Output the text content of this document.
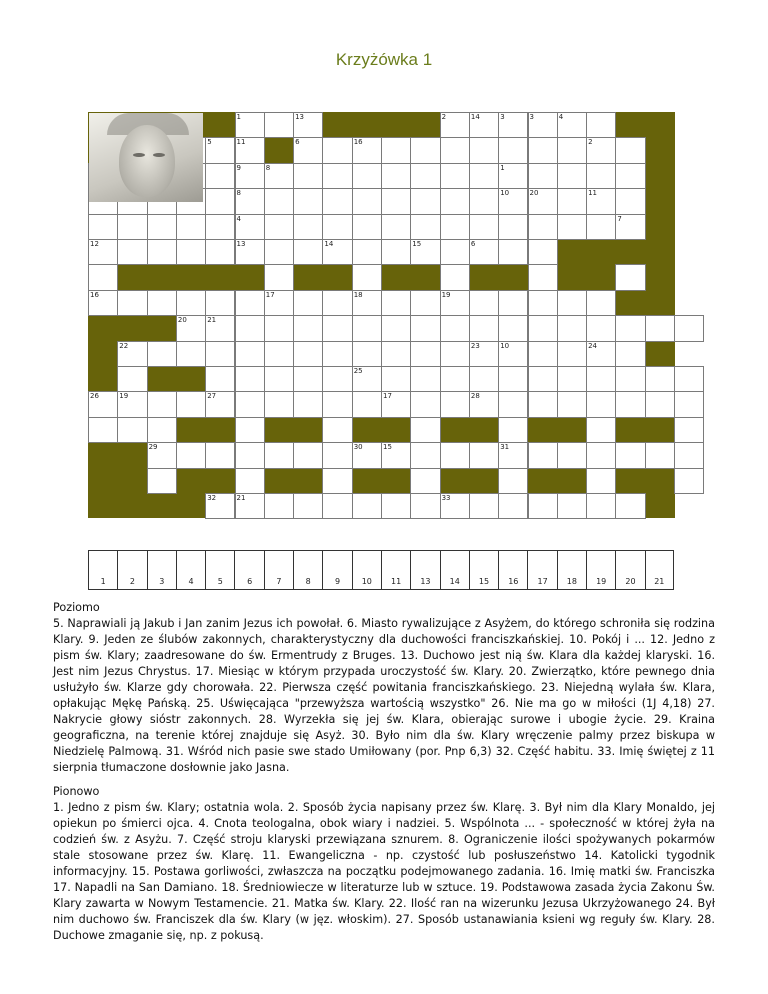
Krzyżówka 1
1	13	2	14	3	3	4
5	11	6	16	2
9	8	1
8	10	20	11
4	7
12	13	14	15	6
16	17	18	19
20	21
22	23	10	24
25
26	27	28
19	17
29	30	15	31
32	21	33
1	2	3	4	5	6	7	8	9	10	11	13	14	15	16	17	18	19	20	21
Poziomo
5. Naprawiali ją Jakub i Jan zanim Jezus ich powołał. 6. Miasto rywalizujące z Asyżem, do którego schroniła się rodzina Klary. 9. Jeden ze ślubów zakonnych, charakterystyczny dla duchowości franciszkańskiej. 10. Pokój i ... 12. Jedno z pism św. Klary; zaadresowane do św. Ermentrudy z Bruges. 13. Duchowo jest nią św. Klara dla każdej klaryski. 16. Jest nim Jezus Chrystus. 17. Miesiąc w którym przypada uroczystość św. Klary. 20. Zwierzątko, które pewnego dnia usłużyło św. Klarze gdy chorowała. 22. Pierwsza część powitania franciszkańskiego. 23. Niejedną wylała św. Klara, opłakując Mękę Pańską. 25. Uświęcająca "przewyższa wartością wszystko" 26. Nie ma go w miłości (1J 4,18) 27. Nakrycie głowy sióstr zakonnych. 28. Wyrzekła się jej św. Klara, obierając surowe i ubogie życie. 29. Kraina geograficzna, na terenie której znajduje się Asyż. 30. Było nim dla św. Klary wręczenie palmy przez biskupa w Niedzielę Palmową. 31. Wśród nich pasie swe stado Umiłowany (por. Pnp 6,3) 32. Część habitu. 33. Imię świętej z 11 sierpnia tłumaczone dosłownie jako Jasna.
Pionowo
1. Jedno z pism św. Klary; ostatnia wola. 2. Sposób życia napisany przez św. Klarę. 3. Był nim dla Klary Monaldo, jej opiekun po śmierci ojca. 4. Cnota teologalna, obok wiary i nadziei. 5. Wspólnota ... - społeczność w której żyła na codzień św. z Asyżu. 7. Część stroju klaryski przewiązana sznurem. 8. Ograniczenie ilości spożywanych pokarmów stale stosowane przez św. Klarę. 11. Ewangeliczna - np. czystość lub posłuszeństwo 14. Katolicki tygodnik informacyjny. 15. Postawa gorliwości, zwłaszcza na początku podejmowanego zadania. 16. Imię matki św. Franciszka 17. Napadli na San Damiano. 18. Średniowiecze w literaturze lub w sztuce. 19. Podstawowa zasada życia Zakonu Św. Klary zawarta w Nowym Testamencie. 21. Matka św. Klary. 22. Ilość ran na wizerunku Jezusa Ukrzyżowanego 24. Był nim duchowo św. Franciszek dla św. Klary (w jęz. włoskim). 27. Sposób ustanawiania ksieni wg reguły św. Klary. 28. Duchowe zmaganie się, np. z pokusą.
